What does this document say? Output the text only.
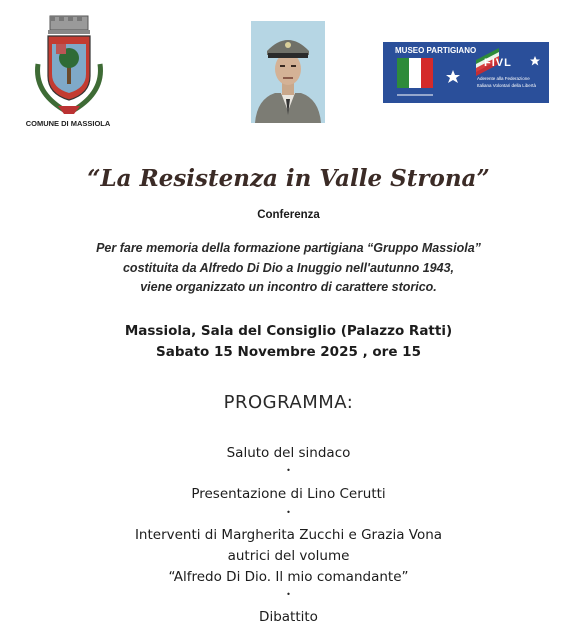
COMUNE DI MASSIOLA
MUSEO PARTIGIANO
FIVL
Aderente alla Federazione
Italiana Volontari della Libertà
“La Resistenza in Valle Strona”
Conferenza
Per fare memoria della formazione partigiana “Gruppo Massiola”
costituita da Alfredo Di Dio a Inuggio nell'autunno 1943,
viene organizzato un incontro di carattere storico.
Massiola, Sala del Consiglio (Palazzo Ratti)
Sabato 15 Novembre 2025 , ore 15
PROGRAMMA:
Saluto del sindaco
•
Presentazione di Lino Cerutti
•
Interventi di Margherita Zucchi e Grazia Vona
autrici del volume
“Alfredo Di Dio. Il mio comandante”
•
Dibattito
